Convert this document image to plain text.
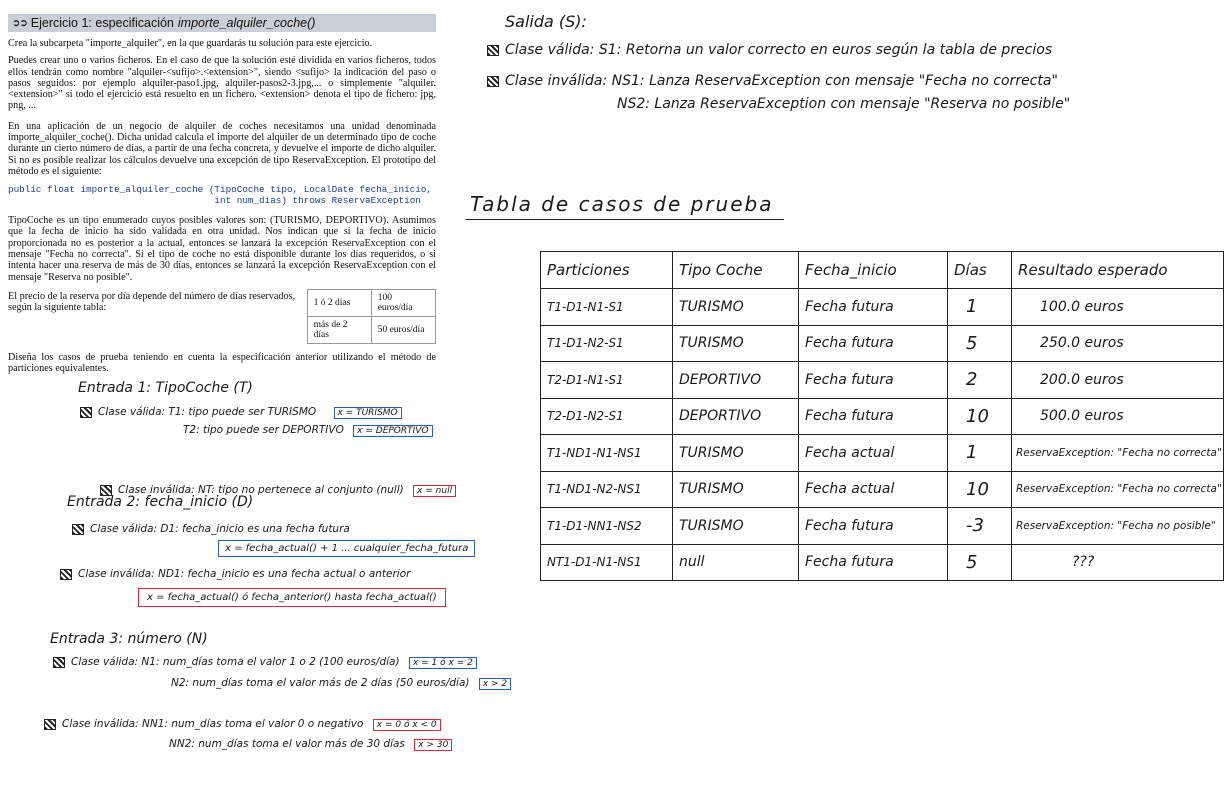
➲➲ Ejercicio 1: especificación importe_alquiler_coche()

Crea la subcarpeta "importe_alquiler", en la que guardarás tu solución para este ejercicio.

Puedes crear uno o varios ficheros. En el caso de que la solución esté dividida en varios ficheros, todos ellos tendrán como nombre "alquiler-<sufijo>.<extension>", siendo <sufijo> la indicación del paso o pasos seguidos: por ejemplo alquiler-paso1.jpg, alquiler-pasos2-3.jpg,... o simplemente "alquiler.<extension>" si todo el ejercicio está resuelto en un fichero. <extension> denota el tipo de fichero: jpg, png, ...

En una aplicación de un negocio de alquiler de coches necesitamos una unidad denominada importe_alquiler_coche(). Dicha unidad calcula el importe del alquiler de un determinado tipo de coche durante un cierto número de días, a partir de una fecha concreta, y devuelve el importe de dicho alquiler. Si no es posible realizar los cálculos devuelve una excepción de tipo ReservaException. El prototipo del método es el siguiente:

public float importe_alquiler_coche (TipoCoche tipo, LocalDate fecha_inicio,
int num_dias) throws ReservaException

TipoCoche es un tipo enumerado cuyos posibles valores son: (TURISMO, DEPORTIVO). Asumimos que la fecha de inicio ha sido validada en otra unidad. Nos indican que si la fecha de inicio proporcionada no es posterior a la actual, entonces se lanzará la excepción ReservaException con el mensaje "Fecha no correcta". Si el tipo de coche no está disponible durante los días requeridos, o si intenta hacer una reserva de más de 30 días, entonces se lanzará la excepción ReservaException con el mensaje "Reserva no posible".

El precio de la reserva por día depende del número de días reservados, según la siguiente tabla:	1 ó 2 días	100 euros/día
más de 2 días	50 euros/día

Diseña los casos de prueba teniendo en cuenta la especificación anterior utilizando el método de particiones equivalentes.

Salida (S):
Clase válida: S1: Retorna un valor correcto en euros según la tabla de precios
Clase inválida: NS1: Lanza ReservaException con mensaje "Fecha no correcta"
NS2: Lanza ReservaException con mensaje "Reserva no posible"
Entrada 1: TipoCoche (T)
Clase válida: T1: tipo puede ser TURISMO x = TURISMO
T2: tipo puede ser DEPORTIVO x = DEPORTIVO
Clase inválida: NT: tipo no pertenece al conjunto (null) x = null
Entrada 2: fecha_inicio (D)
Clase válida: D1: fecha_inicio es una fecha futura
x = fecha_actual() + 1 ... cualquier_fecha_futura
Clase inválida: ND1: fecha_inicio es una fecha actual o anterior
x = fecha_actual() ó fecha_anterior() hasta fecha_actual()
Entrada 3: número (N)
Clase válida: N1: num_días toma el valor 1 o 2 (100 euros/día) x = 1 ó x = 2
N2: num_días toma el valor más de 2 días (50 euros/día) x > 2
Clase inválida: NN1: num_días toma el valor 0 o negativo x = 0 ó x < 0
NN2: num_días toma el valor más de 30 días x > 30
Tabla de casos de prueba
Particiones	Tipo Coche	Fecha_inicio	Días	Resultado esperado
T1-D1-N1-S1	TURISMO	Fecha futura	1	100.0 euros
T1-D1-N2-S1	TURISMO	Fecha futura	5	250.0 euros
T2-D1-N1-S1	DEPORTIVO	Fecha futura	2	200.0 euros
T2-D1-N2-S1	DEPORTIVO	Fecha futura	10	500.0 euros
T1-ND1-N1-NS1	TURISMO	Fecha actual	1	ReservaException: "Fecha no correcta"
T1-ND1-N2-NS1	TURISMO	Fecha actual	10	ReservaException: "Fecha no correcta"
T1-D1-NN1-NS2	TURISMO	Fecha futura	-3	ReservaException: "Fecha no posible"
NT1-D1-N1-NS1	null	Fecha futura	5	???
